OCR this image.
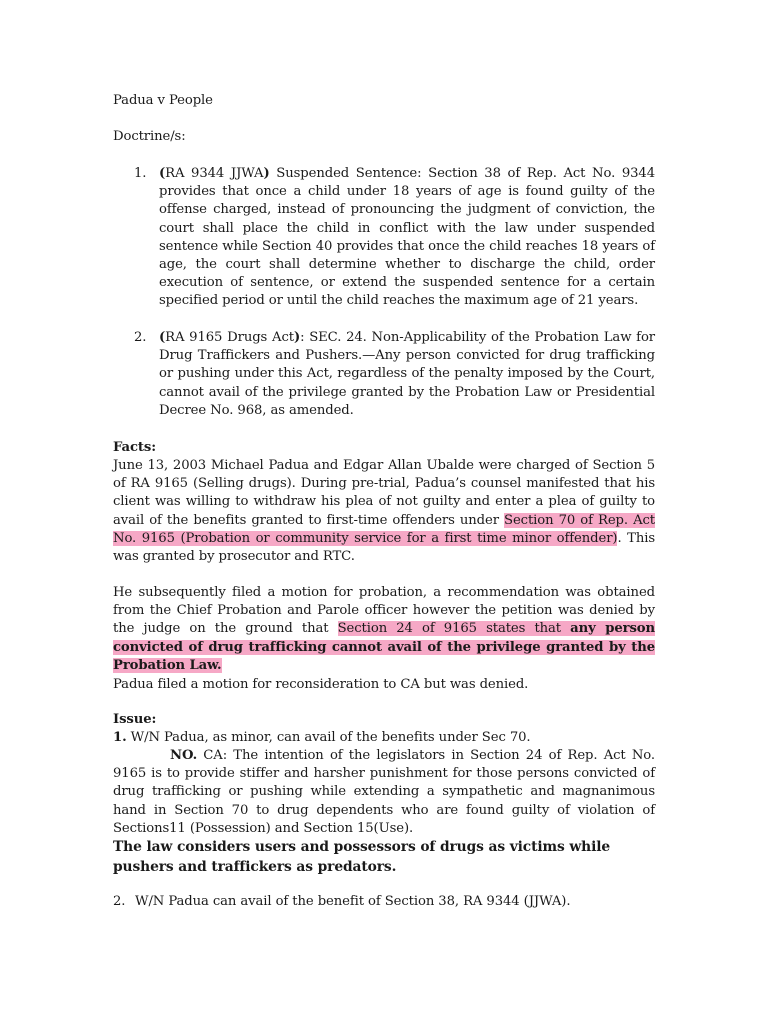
Padua v People
Doctrine/s:
1. (RA 9344 JJWA) Suspended Sentence: Section 38 of Rep. Act No. 9344 provides that once a child under 18 years of age is found guilty of the offense charged, instead of pronouncing the judgment of conviction, the court shall place the child in conflict with the law under suspended sentence while Section 40 provides that once the child reaches 18 years of age, the court shall determine whether to discharge the child, order execution of sentence, or extend the suspended sentence for a certain specified period or until the child reaches the maximum age of 21 years.

2. (RA 9165 Drugs Act): SEC. 24. Non-Applicability of the Probation Law for Drug Traffickers and Pushers.—Any person convicted for drug trafficking or pushing under this Act, regardless of the penalty imposed by the Court, cannot avail of the privilege granted by the Probation Law or Presidential Decree No. 968, as amended.

Facts:

June 13, 2003 Michael Padua and Edgar Allan Ubalde were charged of Section 5 of RA 9165 (Selling drugs). During pre-trial, Padua’s counsel manifested that his client was willing to withdraw his plea of not guilty and enter a plea of guilty to avail of the benefits granted to first-time offenders under Section 70 of Rep. Act No. 9165 (Probation or community service for a first time minor offender). This was granted by prosecutor and RTC.

He subsequently filed a motion for probation, a recommendation was obtained from the Chief Probation and Parole officer however the petition was denied by the judge on the ground that Section 24 of 9165 states that any person convicted of drug trafficking cannot avail of the privilege granted by the Probation Law.

Padua filed a motion for reconsideration to CA but was denied.

Issue:

1. W/N Padua, as minor, can avail of the benefits under Sec 70.

NO. CA: The intention of the legislators in Section 24 of Rep. Act No. 9165 is to provide stiffer and harsher punishment for those persons convicted of drug trafficking or pushing while extending a sympathetic and magnanimous hand in Section 70 to drug dependents who are found guilty of violation of Sections11 (Possession) and Section 15(Use).

The law considers users and possessors of drugs as victims while pushers and traffickers as predators.

2. W/N Padua can avail of the benefit of Section 38, RA 9344 (JJWA).
